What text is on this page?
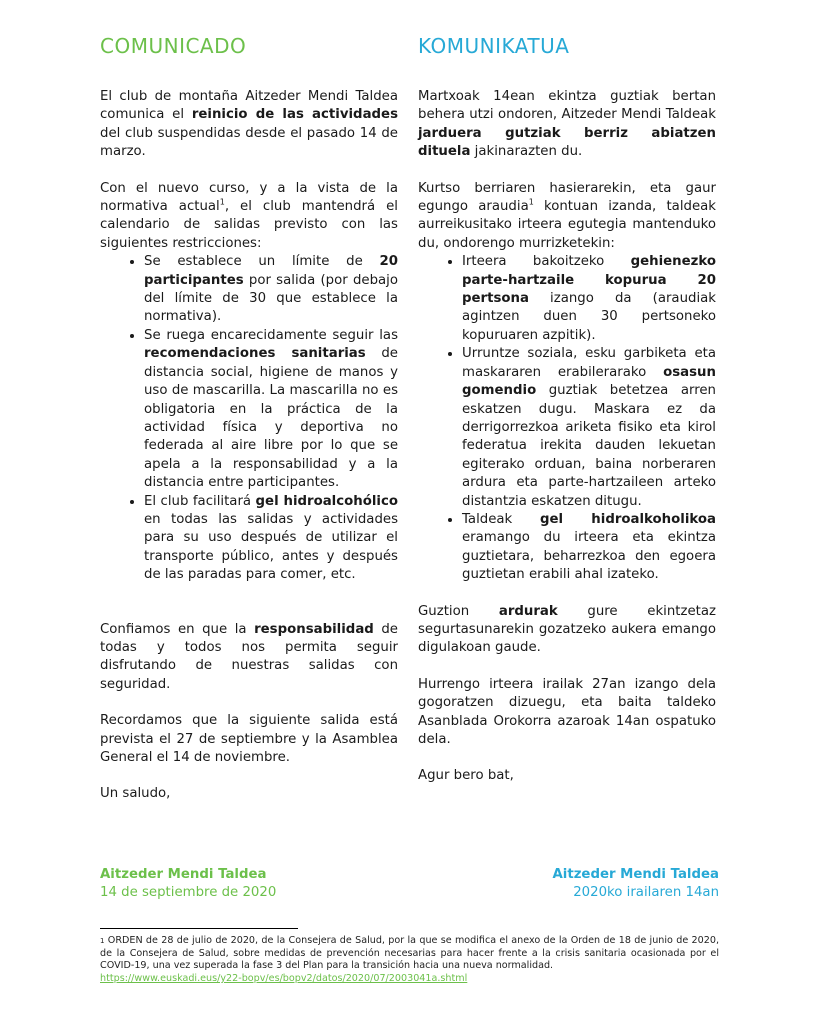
COMUNICADO

El club de montaña Aitzeder Mendi Taldea comunica el reinicio de las actividades del club suspendidas desde el pasado 14 de marzo.

Con el nuevo curso, y a la vista de la normativa actual$^1$, el club mantendrá el calendario de salidas previsto con las siguientes restricciones:

• Se establece un límite de 20 participantes por salida (por debajo del límite de 30 que establece la normativa).
• Se ruega encarecidamente seguir las recomendaciones sanitarias de distancia social, higiene de manos y uso de mascarilla. La mascarilla no es obligatoria en la práctica de la actividad física y deportiva no federada al aire libre por lo que se apela a la responsabilidad y a la distancia entre participantes.
• El club facilitará gel hidroalcohólico en todas las salidas y actividades para su uso después de utilizar el transporte público, antes y después de las paradas para comer, etc.

Confiamos en que la responsabilidad de todas y todos nos permita seguir disfrutando de nuestras salidas con seguridad.

Recordamos que la siguiente salida está prevista el 27 de septiembre y la Asamblea General el 14 de noviembre.

Un saludo,

KOMUNIKATUA

Martxoak 14ean ekintza guztiak bertan behera utzi ondoren, Aitzeder Mendi Taldeak jarduera gutziak berriz abiatzen dituela jakinarazten du.

Kurtso berriaren hasierarekin, eta gaur egungo araudia$^1$ kontuan izanda, taldeak aurreikusitako irteera egutegia mantenduko du, ondorengo murrizketekin:

• Irteera bakoitzeko gehienezko parte-hartzaile kopurua 20 pertsona izango da (araudiak agintzen duen 30 pertsoneko kopuruaren azpitik).
• Urruntze soziala, esku garbiketa eta maskararen erabilerarako osasun gomendio guztiak betetzea arren eskatzen dugu. Maskara ez da derrigorrezkoa ariketa fisiko eta kirol federatua irekita dauden lekuetan egiterako orduan, baina norberaren ardura eta parte-hartzaileen arteko distantzia eskatzen ditugu.
• Taldeak gel hidroalkoholikoa eramango du irteera eta ekintza guztietara, beharrezkoa den egoera guztietan erabili ahal izateko.

Guztion ardurak gure ekintzetaz segurtasunarekin gozatzeko aukera emango digulakoan gaude.

Hurrengo irteera irailak 27an izango dela gogoratzen dizuegu, eta baita taldeko Asanblada Orokorra azaroak 14an ospatuko dela.

Agur bero bat,

Aitzeder Mendi Taldea
14 de septiembre de 2020
Aitzeder Mendi Taldea
2020ko irailaren 14an
$^1$ ORDEN de 28 de julio de 2020, de la Consejera de Salud, por la que se modifica el anexo de la Orden de 18 de junio de 2020, de la Consejera de Salud, sobre medidas de prevención necesarias para hacer frente a la crisis sanitaria ocasionada por el COVID-19, una vez superada la fase 3 del Plan para la transición hacia una nueva normalidad.
https://www.euskadi.eus/y22-bopv/es/bopv2/datos/2020/07/2003041a.shtml
